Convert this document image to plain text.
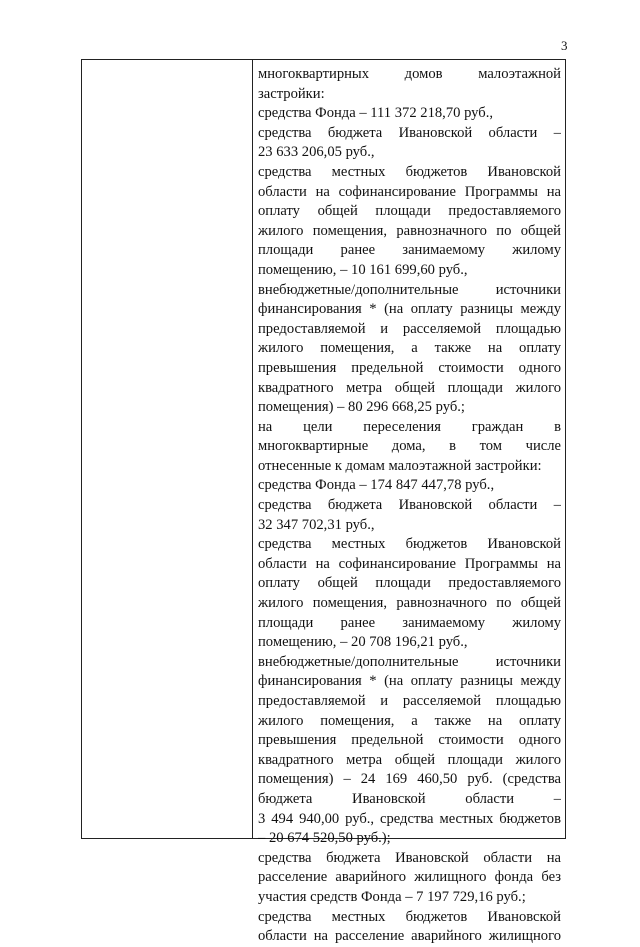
3
многоквартирных домов малоэтажной
застройки:
средства Фонда – 111 372 218,70 руб.,
средства бюджета Ивановской области –
23 633 206,05 руб.,
средства местных бюджетов Ивановской
области на софинансирование Программы на
оплату общей площади предоставляемого
жилого помещения, равнозначного по общей
площади ранее занимаемому жилому
помещению, – 10 161 699,60 руб.,
внебюджетные/дополнительные источники
финансирования * (на оплату разницы между
предоставляемой и расселяемой площадью
жилого помещения, а также на оплату
превышения предельной стоимости одного
квадратного метра общей площади жилого
помещения) – 80 296 668,25 руб.;
на цели переселения граждан в
многоквартирные дома, в том числе
отнесенные к домам малоэтажной застройки:
средства Фонда – 174 847 447,78 руб.,
средства бюджета Ивановской области –
32 347 702,31 руб.,
средства местных бюджетов Ивановской
области на софинансирование Программы на
оплату общей площади предоставляемого
жилого помещения, равнозначного по общей
площади ранее занимаемому жилому
помещению, – 20 708 196,21 руб.,
внебюджетные/дополнительные источники
финансирования * (на оплату разницы между
предоставляемой и расселяемой площадью
жилого помещения, а также на оплату
превышения предельной стоимости одного
квадратного метра общей площади жилого
помещения) – 24 169 460,50 руб. (средства
бюджета Ивановской области –
3 494 940,00 руб., средства местных бюджетов
– 20 674 520,50 руб.);
средства бюджета Ивановской области на
расселение аварийного жилищного фонда без
участия средств Фонда – 7 197 729,16 руб.;
средства местных бюджетов Ивановской
области на расселение аварийного жилищного
